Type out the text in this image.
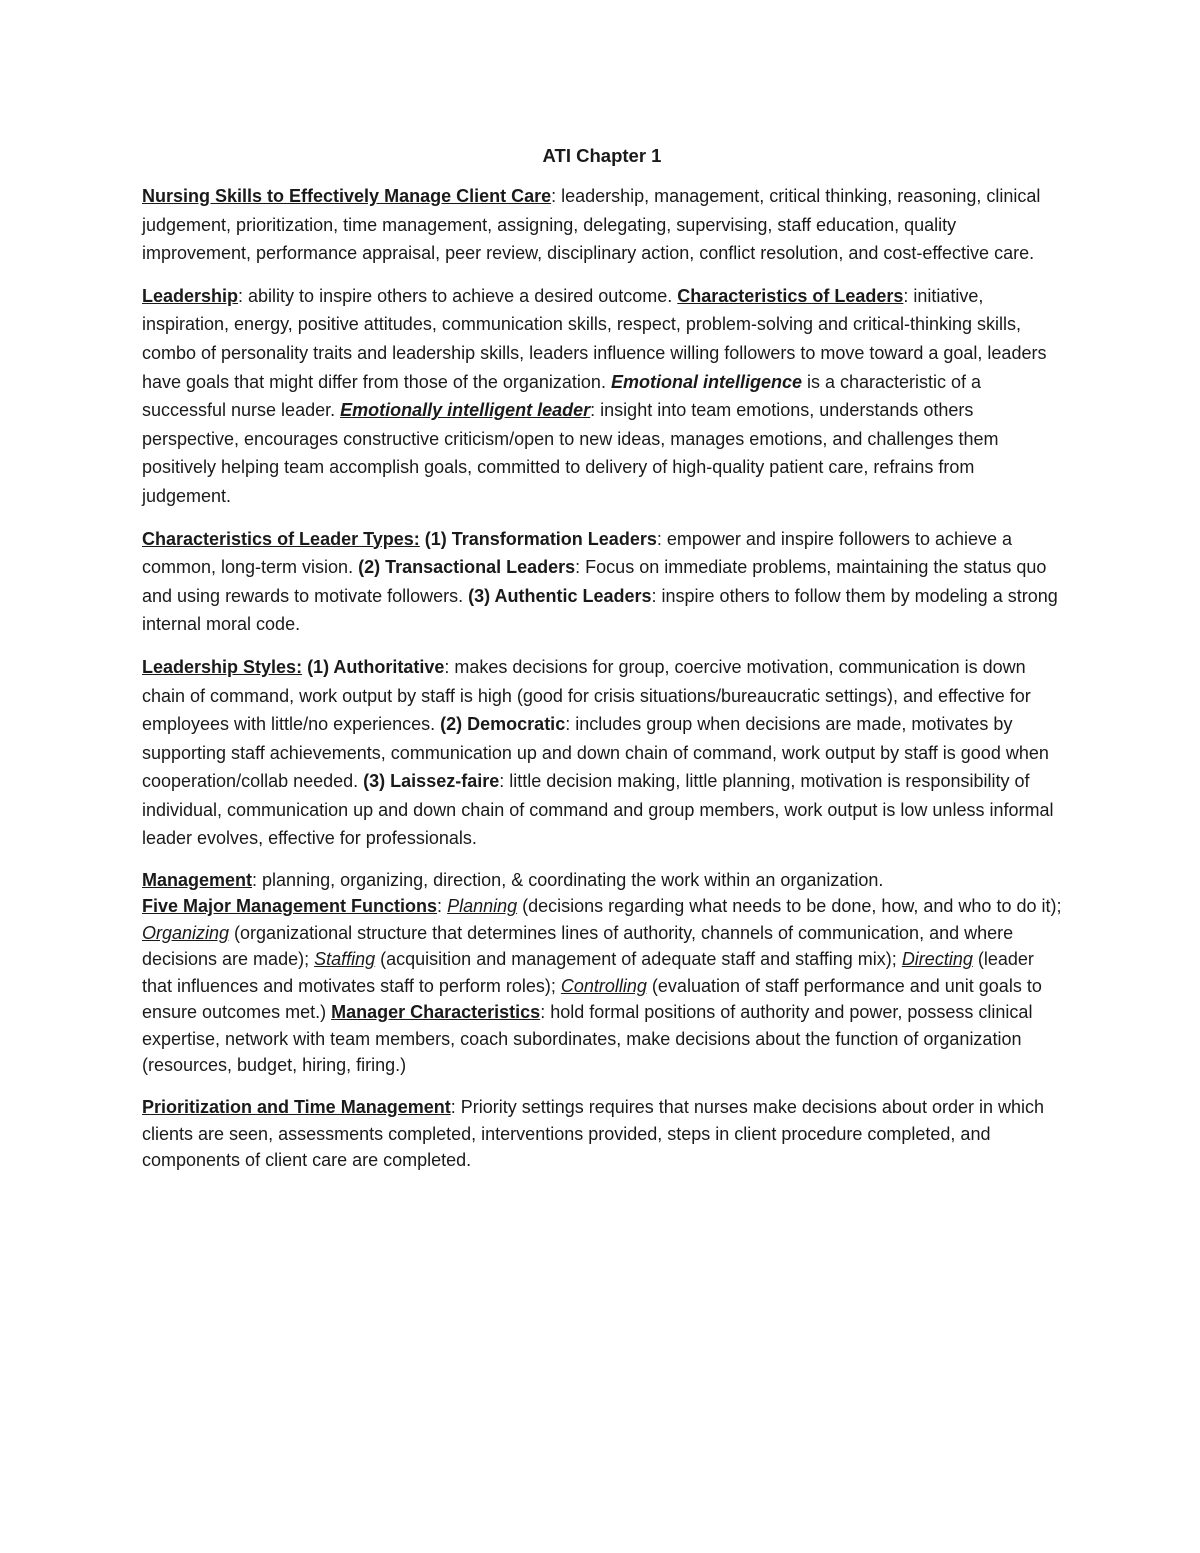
ATI Chapter 1

Nursing Skills to Effectively Manage Client Care: leadership, management, critical thinking, reasoning, clinical judgement, prioritization, time management, assigning, delegating, supervising, staff education, quality improvement, performance appraisal, peer review, disciplinary action, conflict resolution, and cost-effective care.

Leadership: ability to inspire others to achieve a desired outcome. Characteristics of Leaders: initiative, inspiration, energy, positive attitudes, communication skills, respect, problem-solving and critical-thinking skills, combo of personality traits and leadership skills, leaders influence willing followers to move toward a goal, leaders have goals that might differ from those of the organization. Emotional intelligence is a characteristic of a successful nurse leader. Emotionally intelligent leader: insight into team emotions, understands others perspective, encourages constructive criticism/open to new ideas, manages emotions, and challenges them positively helping team accomplish goals, committed to delivery of high-quality patient care, refrains from judgement.

Characteristics of Leader Types: (1) Transformation Leaders: empower and inspire followers to achieve a common, long-term vision. (2) Transactional Leaders: Focus on immediate problems, maintaining the status quo and using rewards to motivate followers. (3) Authentic Leaders: inspire others to follow them by modeling a strong internal moral code.

Leadership Styles: (1) Authoritative: makes decisions for group, coercive motivation, communication is down chain of command, work output by staff is high (good for crisis situations/bureaucratic settings), and effective for employees with little/no experiences. (2) Democratic: includes group when decisions are made, motivates by supporting staff achievements, communication up and down chain of command, work output by staff is good when cooperation/collab needed. (3) Laissez-faire: little decision making, little planning, motivation is responsibility of individual, communication up and down chain of command and group members, work output is low unless informal leader evolves, effective for professionals.

Management: planning, organizing, direction, & coordinating the work within an organization.

Five Major Management Functions: Planning (decisions regarding what needs to be done, how, and who to do it); Organizing (organizational structure that determines lines of authority, channels of communication, and where decisions are made); Staffing (acquisition and management of adequate staff and staffing mix); Directing (leader that influences and motivates staff to perform roles); Controlling (evaluation of staff performance and unit goals to ensure outcomes met.) Manager Characteristics: hold formal positions of authority and power, possess clinical expertise, network with team members, coach subordinates, make decisions about the function of organization (resources, budget, hiring, firing.)

Prioritization and Time Management: Priority settings requires that nurses make decisions about order in which clients are seen, assessments completed, interventions provided, steps in client procedure completed, and components of client care are completed.
